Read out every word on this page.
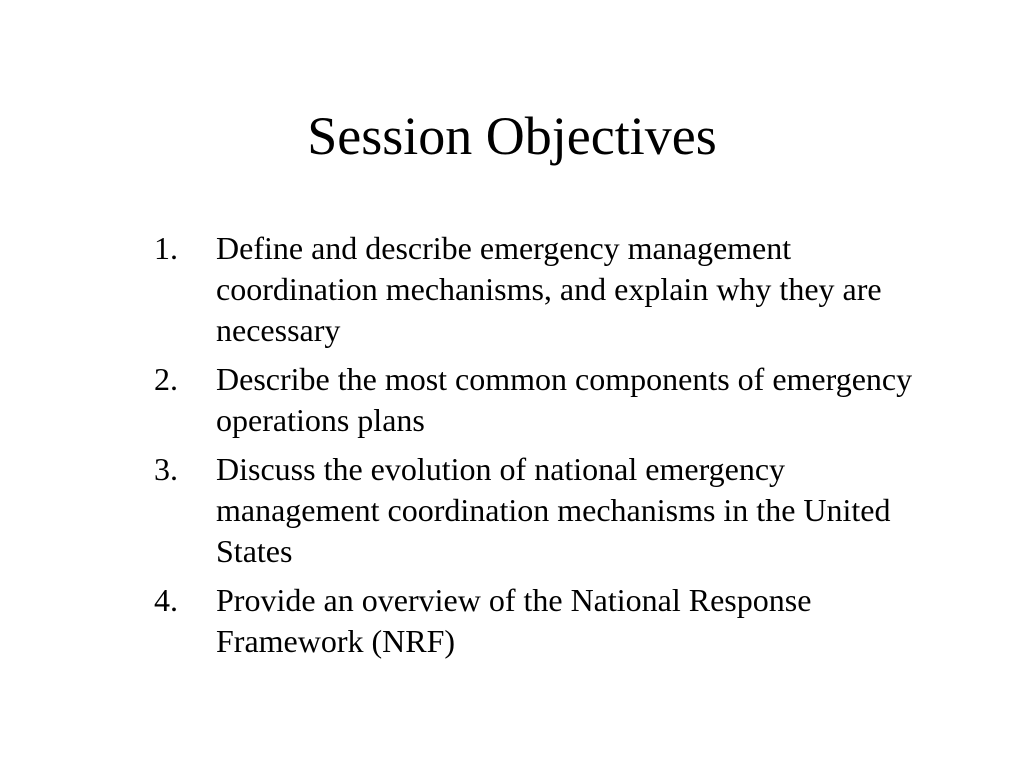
Session Objectives
1.	Define and describe emergency management coordination mechanisms, and explain why they are necessary
2.	Describe the most common components of emergency operations plans
3.	Discuss the evolution of national emergency management coordination mechanisms in the United States
4.	Provide an overview of the National Response Framework (NRF)
